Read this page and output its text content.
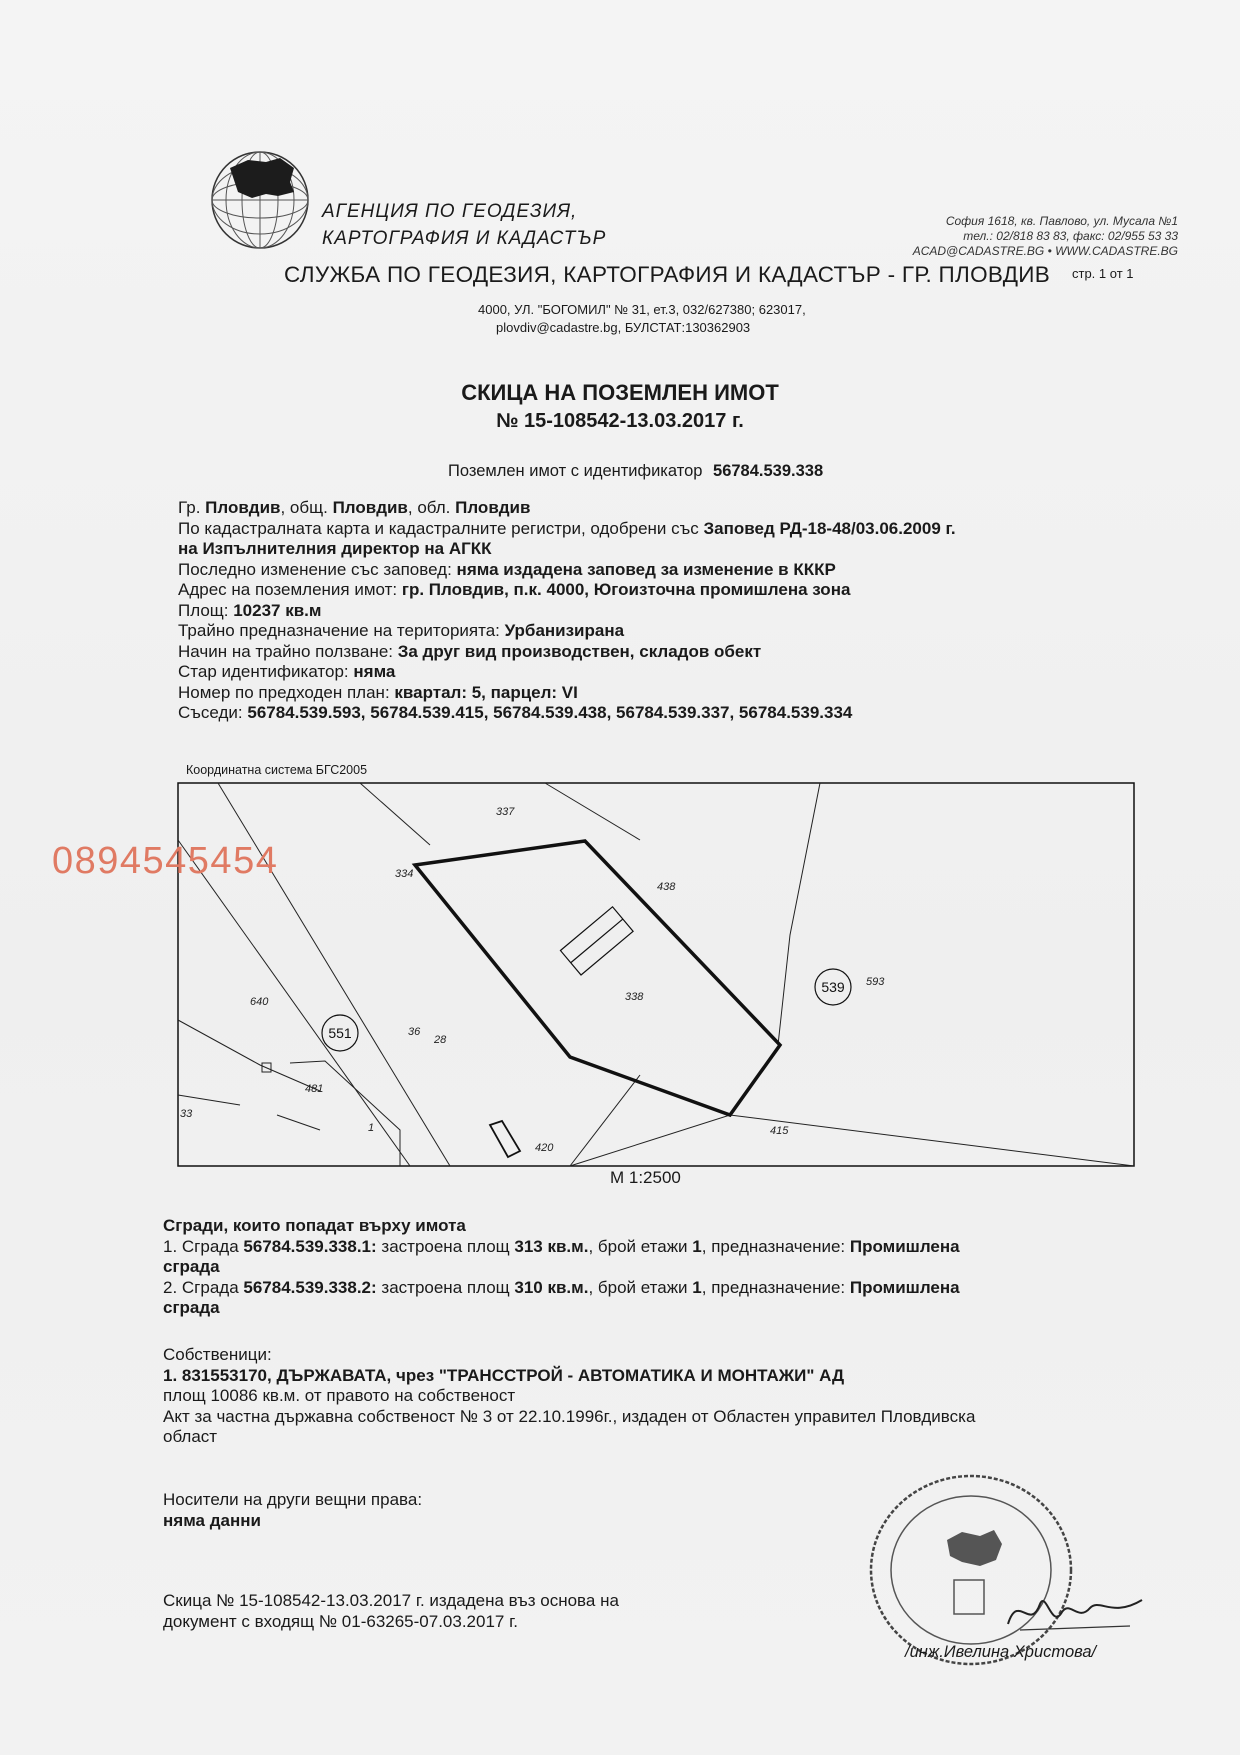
АГЕНЦИЯ ПО ГЕОДЕЗИЯ,
КАРТОГРАФИЯ И КАДАСТЪР
София 1618, кв. Павлово, ул. Мусала №1
тел.: 02/818 83 83, факс: 02/955 53 33
ACAD@CADASTRE.BG • WWW.CADASTRE.BG
стр. 1 от 1
СЛУЖБА ПО ГЕОДЕЗИЯ, КАРТОГРАФИЯ И КАДАСТЪР - ГР. ПЛОВДИВ
4000, УЛ. "БОГОМИЛ" № 31, ет.3, 032/627380; 623017,
plovdiv@cadastre.bg, БУЛСТАТ:130362903
СКИЦА НА ПОЗЕМЛЕН ИМОТ
№ 15-108542-13.03.2017 г.
Поземлен имот с идентификатор 56784.539.338
Гр. Пловдив, общ. Пловдив, обл. Пловдив
По кадастралната карта и кадастралните регистри, одобрени със Заповед РД-18-48/03.06.2009 г.
на Изпълнителния директор на АГКК
Последно изменение със заповед: няма издадена заповед за изменение в КККР
Адрес на поземления имот: гр. Пловдив, п.к. 4000, Югоизточна промишлена зона
Площ: 10237 кв.м
Трайно предназначение на територията: Урбанизирана
Начин на трайно ползване: За друг вид производствен, складов обект
Стар идентификатор: няма
Номер по предходен план: квартал: 5, парцел: VI
Съседи: 56784.539.593, 56784.539.415, 56784.539.438, 56784.539.337, 56784.539.334
Координатна система БГС2005
337
438
334
338
593
640
36
28
481
1
33
420
415
551
539
0894545454
М 1:2500
Сгради, които попадат върху имота
1. Сграда 56784.539.338.1: застроена площ 313 кв.м., брой етажи 1, предназначение: Промишлена
сграда
2. Сграда 56784.539.338.2: застроена площ 310 кв.м., брой етажи 1, предназначение: Промишлена
сграда
Собственици:
1. 831553170, ДЪРЖАВАТА, чрез "ТРАНССТРОЙ - АВТОМАТИКА И МОНТАЖИ" АД
площ 10086 кв.м. от правото на собственост
Акт за частна държавна собственост № 3 от 22.10.1996г., издаден от Областен управител Пловдивска
област
Носители на други вещни права:
няма данни
Скица № 15-108542-13.03.2017 г. издадена въз основа на
документ с входящ № 01-63265-07.03.2017 г.
/инж.Ивелина Христова/
